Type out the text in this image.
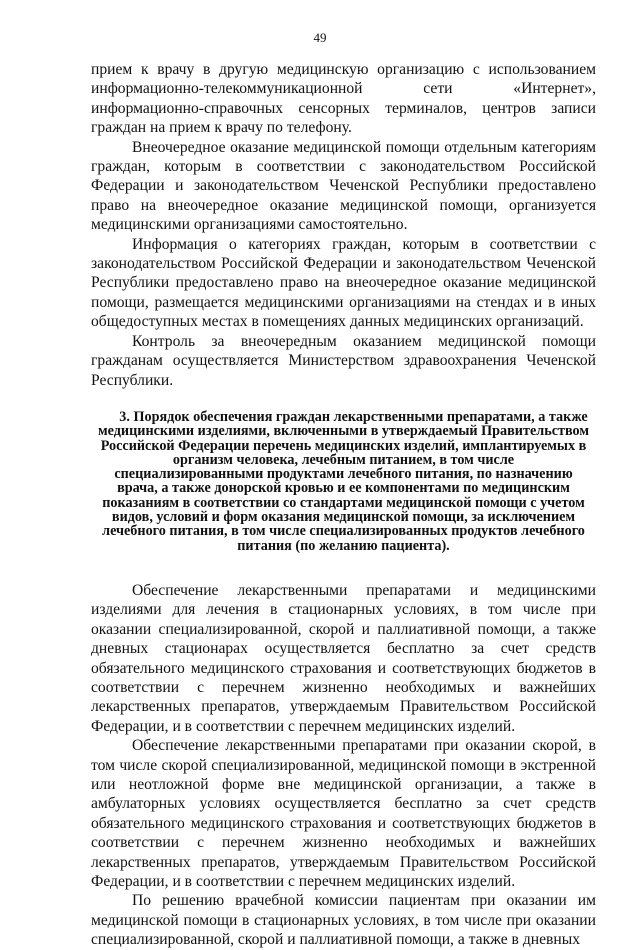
49

прием к врачу в другую медицинскую организацию с использованием информационно-телекоммуникационной сети «Интернет», информационно-справочных сенсорных терминалов, центров записи граждан на прием к врачу по телефону.

Внеочередное оказание медицинской помощи отдельным категориям граждан, которым в соответствии с законодательством Российской Федерации и законодательством Чеченской Республики предоставлено право на внеочередное оказание медицинской помощи, организуется медицинскими организациями самостоятельно.

Информация о категориях граждан, которым в соответствии с законодательством Российской Федерации и законодательством Чеченской Республики предоставлено право на внеочередное оказание медицинской помощи, размещается медицинскими организациями на стендах и в иных общедоступных местах в помещениях данных медицинских организаций.

Контроль за внеочередным оказанием медицинской помощи гражданам осуществляется Министерством здравоохранения Чеченской Республики.

3. Порядок обеспечения граждан лекарственными препаратами, а также медицинскими изделиями, включенными в утверждаемый Правительством Российской Федерации перечень медицинских изделий, имплантируемых в организм человека, лечебным питанием, в том числе специализированными продуктами лечебного питания, по назначению врача, а также донорской кровью и ее компонентами по медицинским показаниям в соответствии со стандартами медицинской помощи с учетом видов, условий и форм оказания медицинской помощи, за исключением лечебного питания, в том числе специализированных продуктов лечебного питания (по желанию пациента).

Обеспечение лекарственными препаратами и медицинскими изделиями для лечения в стационарных условиях, в том числе при оказании специализированной, скорой и паллиативной помощи, а также дневных стационарах осуществляется бесплатно за счет средств обязательного медицинского страхования и соответствующих бюджетов в соответствии с перечнем жизненно необходимых и важнейших лекарственных препаратов, утверждаемым Правительством Российской Федерации, и в соответствии с перечнем медицинских изделий.

Обеспечение лекарственными препаратами при оказании скорой, в том числе скорой специализированной, медицинской помощи в экстренной или неотложной форме вне медицинской организации, а также в амбулаторных условиях осуществляется бесплатно за счет средств обязательного медицинского страхования и соответствующих бюджетов в соответствии с перечнем жизненно необходимых и важнейших лекарственных препаратов, утверждаемым Правительством Российской Федерации, и в соответствии с перечнем медицинских изделий.

По решению врачебной комиссии пациентам при оказании им медицинской помощи в стационарных условиях, в том числе при оказании специализированной, скорой и паллиативной помощи, а также в дневных
